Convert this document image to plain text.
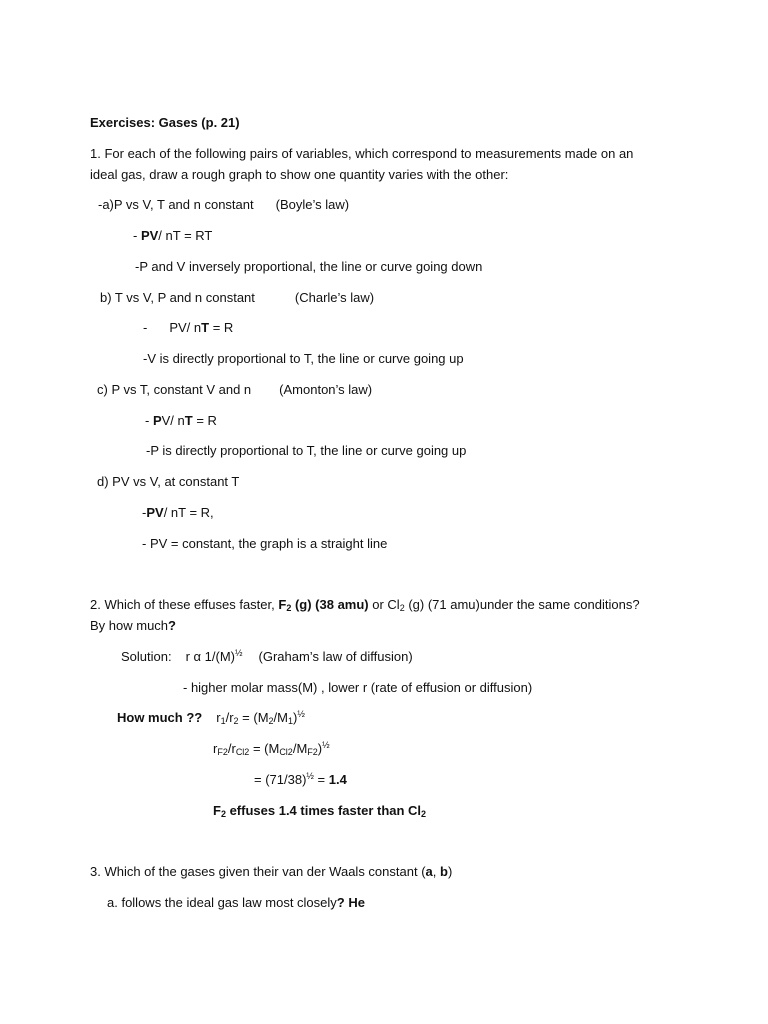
Exercises: Gases (p. 21)
1. For each of the following pairs of variables, which correspond to measurements made on an
ideal gas, draw a rough graph to show one quantity varies with the other:
-a)P vs V, T and n constant (Boyle’s law)
- PV/ nT = RT
-P and V inversely proportional, the line or curve going down
b) T vs V, P and n constant	(Charle’s law)
- PV/ nT = R
-V is directly proportional to T, the line or curve going up
c) P vs T, constant V and n (Amonton’s law)
- PV/ nT = R
-P is directly proportional to T, the line or curve going up
d) PV vs V, at constant T
-PV/ nT = R,
- PV = constant, the graph is a straight line
2. Which of these effuses faster, $F_2$ (g) (38 amu) or $Cl_2$ (g) (71 amu)under the same conditions?
By how much?
Solution: r α $1/(M)^{\frac{1}{2}}$ (Graham’s law of diffusion)
- higher molar mass(M) , lower r (rate of effusion or diffusion)
How much ?? $r_1/r_2 = (M_2/M_1)^{\frac{1}{2}}$
$r_{F2}/r_{Cl2} = (M_{Cl2}/M_{F2})^{\frac{1}{2}}$
= $(71/38)^{\frac{1}{2}} = 1.4$
$F_2$ effuses 1.4 times faster than $Cl_2$
3. Which of the gases given their van der Waals constant (a, b)
a. follows the ideal gas law most closely? He
